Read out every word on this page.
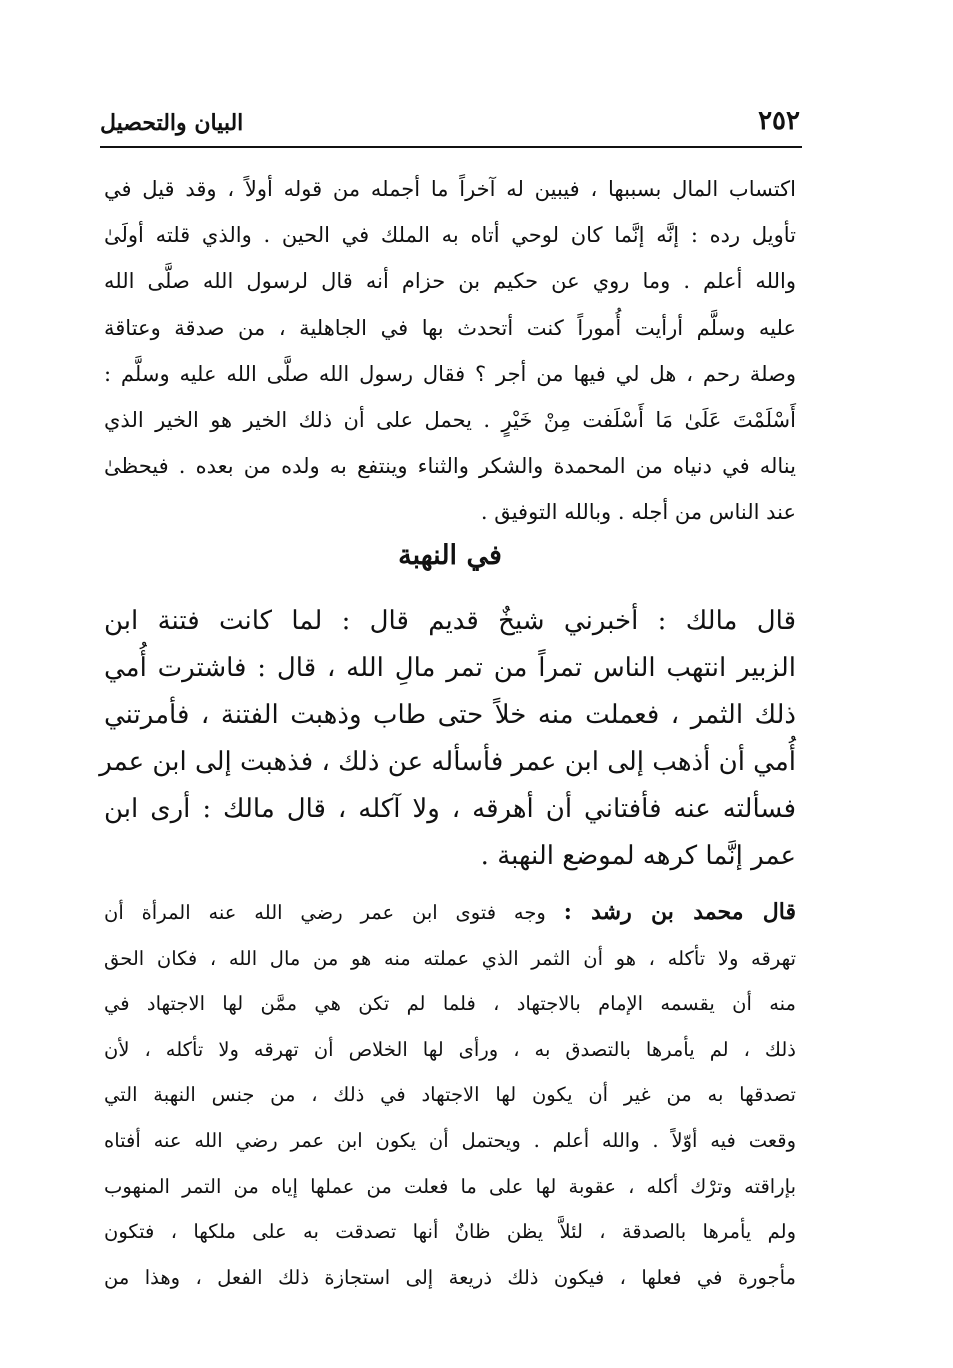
٢٥٢
البيان والتحصيل
اكتساب المال بسببها ، فيبين له آخراً ما أجمله من قوله أولاً ، وقد قيل في
تأويل رده : إنَّه إنَّما كان لوحي أتاه به الملك في الحين . والذي قلته أولَىٰ
والله أعلم . وما روي عن حكيم بن حزام أنه قال لرسول الله صلَّى الله
عليه وسلَّم أرأيت أُموراً كنت أتحدث بها في الجاهلية ، من صدقة وعتاقة
وصلة رحم ، هل لي فيها من أجر ؟ فقال رسول الله صلَّى الله عليه وسلَّم :
أَسْلَمْتَ عَلَىٰ مَا أَسْلَفت مِنْ خَيْرٍ . يحمل على أن ذلك الخير هو الخير الذي
يناله في دنياه من المحمدة والشكر والثناء وينتفع به ولده من بعده . فيحظىٰ
عند الناس من أجله . وبالله التوفيق .
في النهبة
قال مالك : أخبرني شيخٌ قديم قال : لما كانت فتنة ابن
الزبير انتهب الناس تمراً من تمر مالِ الله ، قال : فاشترت أُمي
ذلك الثمر ، فعملت منه خلاً حتى طاب وذهبت الفتنة ، فأمرتني
أُمي أن أذهب إلى ابن عمر فأسأله عن ذلك ، فذهبت إلى ابن عمر
فسألته عنه فأفتاني أن أهرقه ، ولا آكله ، قال مالك : أرى ابن
عمر إنَّما كرهه لموضع النهبة .
قال محمد بن رشد : وجه فتوى ابن عمر رضي الله عنه المرأة أن
تهرقه ولا تأكله ، هو أن الثمر الذي عملته منه هو من مال الله ، فكان الحق
منه أن يقسمه الإمام بالاجتهاد ، فلما لم تكن هي ممَّن لها الاجتهاد في
ذلك ، لم يأمرها بالتصدق به ، ورأى لها الخلاص أن تهرقه ولا تأكله ، لأن
تصدقها به من غير أن يكون لها الاجتهاد في ذلك ، من جنس النهبة التي
وقعت فيه أوّلاً . والله أعلم . ويحتمل أن يكون ابن عمر رضي الله عنه أفتاه
بإراقته وترْك أكله ، عقوبة لها على ما فعلت من عملها إياه من التمر المنهوب
ولم يأمرها بالصدقة ، لئلاَّ يظن ظانٌ أنها تصدقت به على ملكها ، فتكون
مأجورة في فعلها ، فيكون ذلك ذريعة إلى استجازة ذلك الفعل ، وهذا من
